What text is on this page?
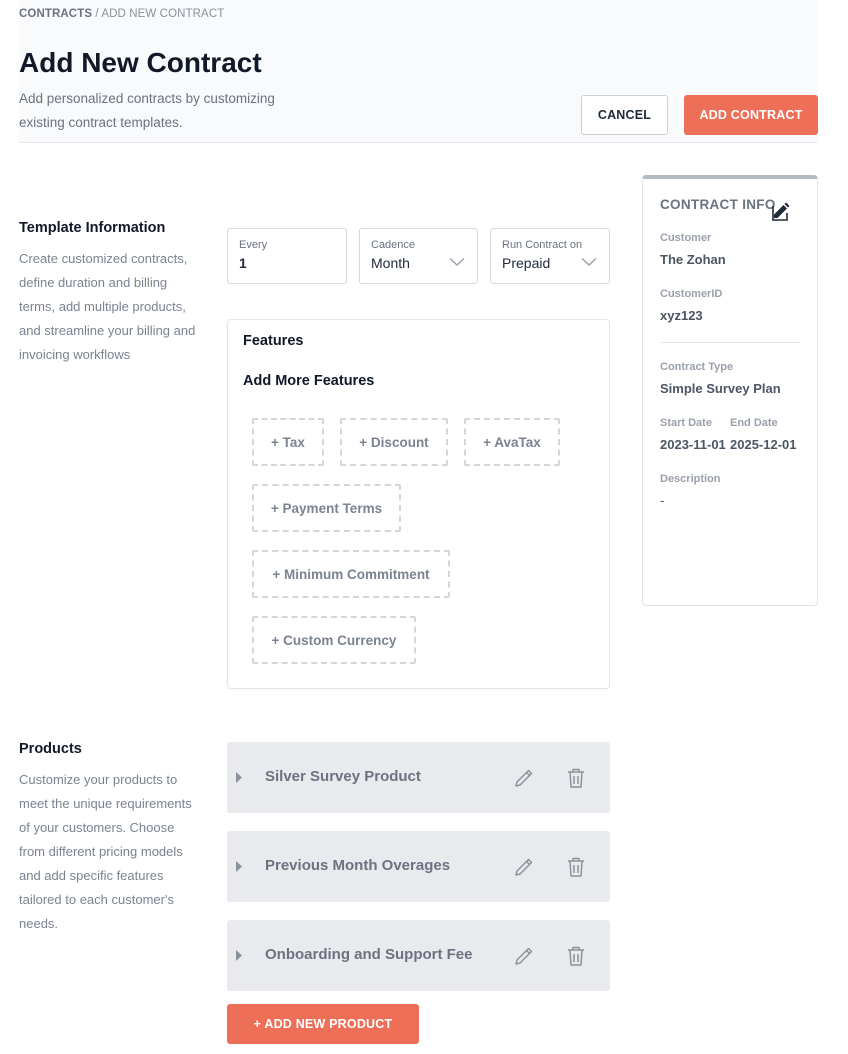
CONTRACTS / ADD NEW CONTRACT
Add New Contract

Add personalized contracts by customizing existing contract templates.	CANCEL	ADD CONTRACT
Template Information

Create customized contracts, define duration and billing terms, add multiple products, and streamline your billing and invoicing workflows

Every
1
Cadence
Month
Run Contract on
Prepaid
Features
Add More Features
+ Tax	+ Discount	+ AvaTax
+ Payment Terms
+ Minimum Commitment
+ Custom Currency
CONTRACT INFO
Customer
The Zohan
CustomerID
xyz123
Contract Type
Simple Survey Plan
Start Date End Date
2023-11-01 2025-12-01
Description
-
Products

Customize your products to meet the unique requirements of your customers. Choose from different pricing models and add specific features tailored to each customer's needs.

Silver Survey Product
Previous Month Overages
Onboarding and Support Fee
+ ADD NEW PRODUCT
